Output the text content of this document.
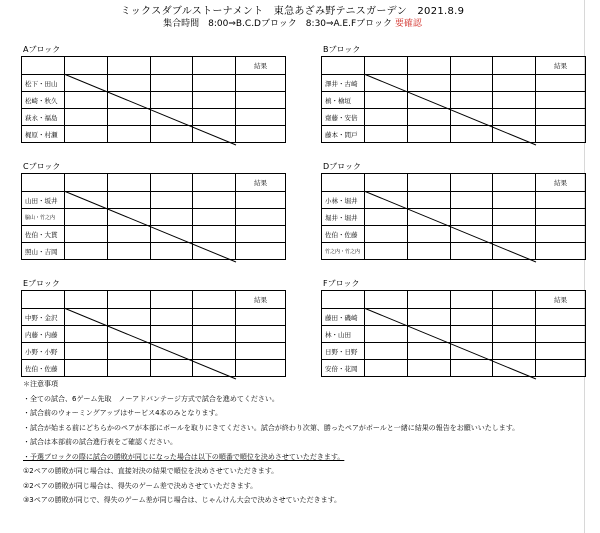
ミックスダブルストーナメント　東急あざみ野テニスガーデン　2021.8.9
集合時間　8:00⇒B.C.Dブロック　8:30⇒A.E.Fブロック 要確認
Aブロック
					結果
松下・田山					
松崎・秋久					
萩永・福島					
梶原・村瀬					
Bブロック
					結果
澤井・古崎					
槙・檜垣					
齋藤・安倍					
藤本・間戸					
Cブロック
					結果
山田・坂井					
脇山・竹之内					
佐伯・大貫					
照山・吉岡					
Dブロック
					結果
小林・堀井					
堀井・堀井					
佐伯・佐藤					
竹之内・竹之内					
Eブロック
					結果
中野・金沢					
内藤・内藤					
小野・小野					
佐伯・佐藤					
Fブロック
					結果
藤田・磯崎					
林・山田					
日野・日野					
安倍・花岡					
＊注意事項
・全ての試合、6ゲーム先取　ノーアドバンテージ方式で試合を進めてください。
・試合前のウォーミングアップはサービス4本のみとなります。
・試合が始まる前にどちらかのペアが本部にボールを取りにきてください。試合が終わり次第、勝ったペアがボールと一緒に結果の報告をお願いいたします。
・試合は本部前の試合進行表をご確認ください。
・予選ブロックの際に試合の勝敗が同じになった場合は以下の順番で順位を決めさせていただきます。
①2ペアの勝敗が同じ場合は、直接対決の結果で順位を決めさせていただきます。
②2ペアの勝敗が同じ場合は、得失のゲーム差で決めさせていただきます。
③3ペアの勝敗が同じで、得失のゲーム差が同じ場合は、じゃんけん大会で決めさせていただきます。
